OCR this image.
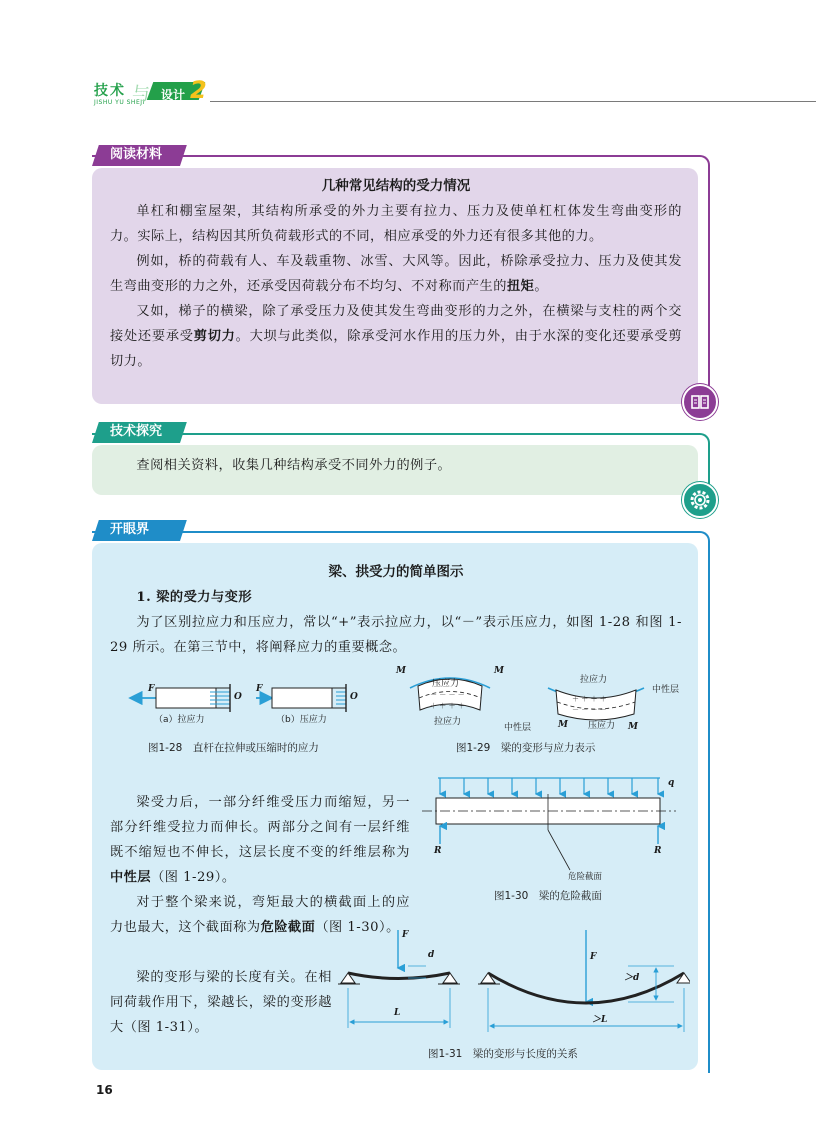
技术
JISHU YU SHEJI
与 设计 2
阅读材料
几种常见结构的受力情况

单杠和棚室屋架，其结构所承受的外力主要有拉力、压力及使单杠杠体发生弯曲变形的力。实际上，结构因其所负荷载形式的不同，相应承受的外力还有很多其他的力。

例如，桥的荷载有人、车及载重物、冰雪、大风等。因此，桥除承受拉力、压力及使其发生弯曲变形的力之外，还承受因荷载分布不均匀、不对称而产生的扭矩。

又如，梯子的横梁，除了承受压力及使其发生弯曲变形的力之外，在横梁与支柱的两个交接处还要承受剪切力。大坝与此类似，除承受河水作用的压力外，由于水深的变化还要承受剪切力。

技术探究

查阅相关资料，收集几种结构承受不同外力的例子。

开眼界
梁、拱受力的简单图示

1. 梁的受力与变形

为了区别拉应力和压应力，常以“+”表示拉应力，以“－”表示压应力，如图 1-28 和图 1-29 所示。在第三节中，将阐释应力的重要概念。

F
O
F
O
（a）拉应力	（b）压应力
图1-28　直杆在拉伸或压缩时的应力
M	M
压应力
－ － － －
＋ ＋ ＋ ＋
拉应力
中性层
拉应力
＋ ＋ ＋ ＋
－ － － －
中性层
M 压应力 M
图1-29　梁的变形与应力表示

梁受力后，一部分纤维受压力而缩短，另一部分纤维受拉力而伸长。两部分之间有一层纤维既不缩短也不伸长，这层长度不变的纤维层称为中性层（图 1-29）。

对于整个梁来说，弯矩最大的横截面上的应力也最大，这个截面称为危险截面（图 1-30）。

梁的变形与梁的长度有关。在相同荷载作用下，梁越长，梁的变形越大（图 1-31）。

q
R	R
危险截面
图1-30　梁的危险截面
F
d
L
F
＞d
＞L
图1-31　梁的变形与长度的关系
16
